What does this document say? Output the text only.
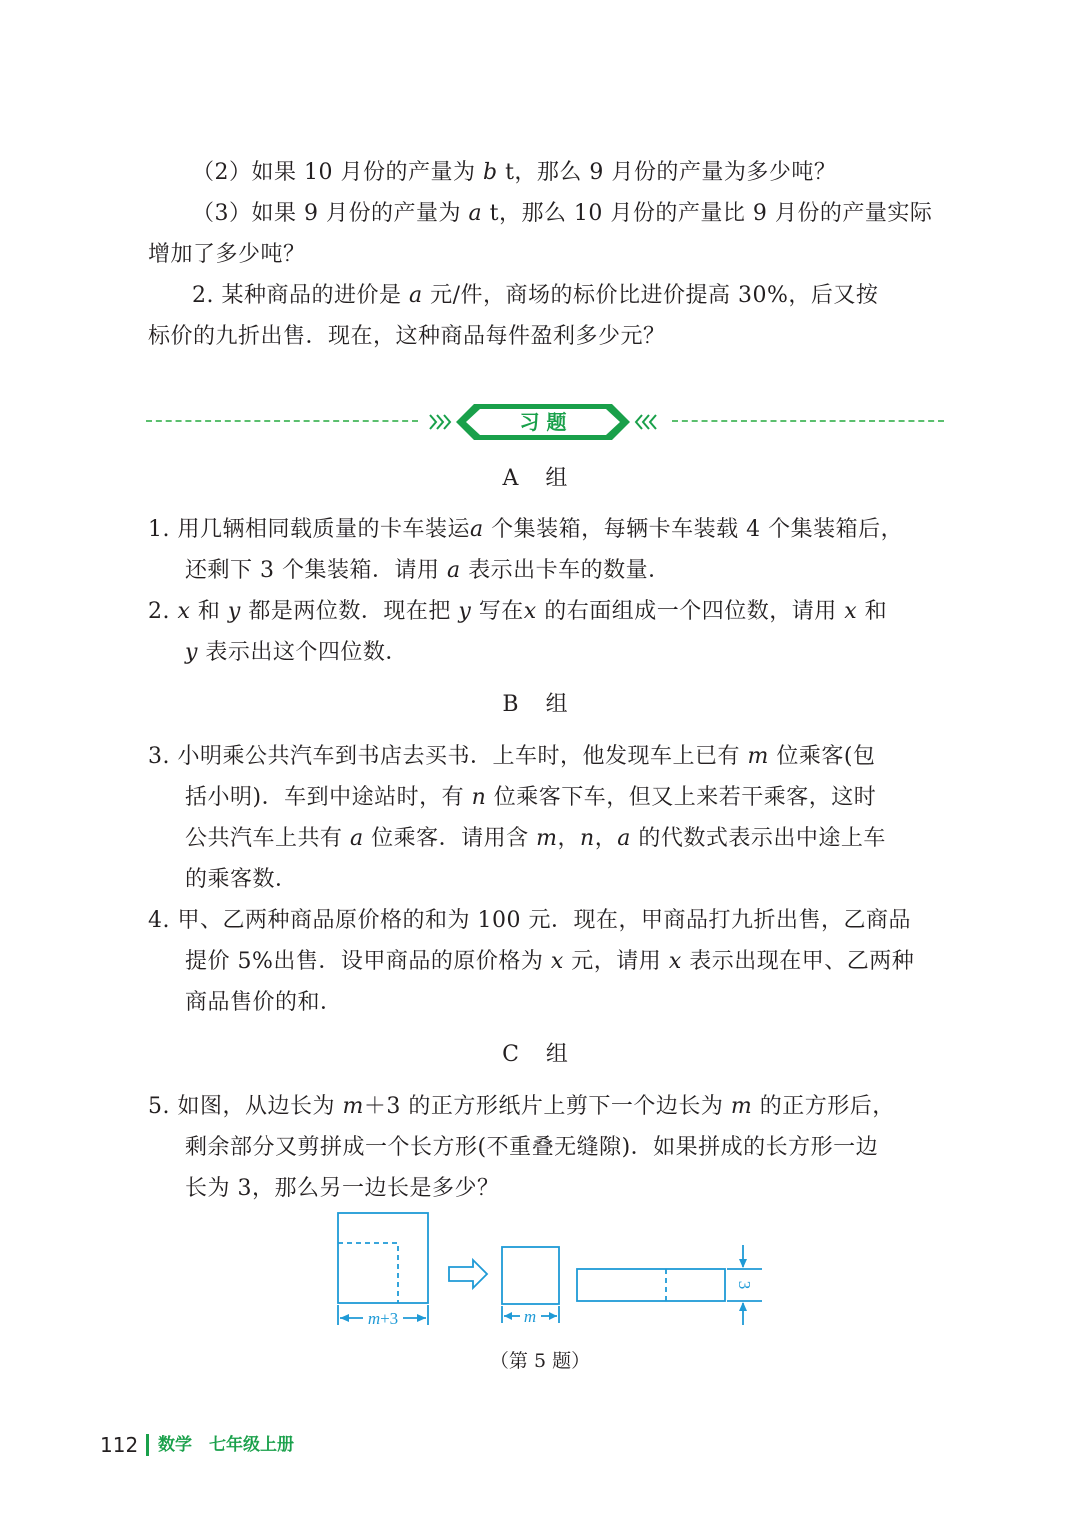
（2）如果 10 月份的产量为 b t，那么 9 月份的产量为多少吨？
（3）如果 9 月份的产量为 a t，那么 10 月份的产量比 9 月份的产量实际
增加了多少吨？
2. 某种商品的进价是 a 元/件，商场的标价比进价提高 30%，后又按
标价的九折出售．现在，这种商品每件盈利多少元？
习 题
A 组
1. 用几辆相同载质量的卡车装运a 个集装箱，每辆卡车装载 4 个集装箱后，
还剩下 3 个集装箱．请用 a 表示出卡车的数量．
2. x 和 y 都是两位数．现在把 y 写在x 的右面组成一个四位数，请用 x 和
y 表示出这个四位数．
B 组
3. 小明乘公共汽车到书店去买书．上车时，他发现车上已有 m 位乘客(包
括小明)．车到中途站时，有 n 位乘客下车，但又上来若干乘客，这时
公共汽车上共有 a 位乘客．请用含 m，n，a 的代数式表示出中途上车
的乘客数．
4. 甲、乙两种商品原价格的和为 100 元．现在，甲商品打九折出售，乙商品
提价 5%出售．设甲商品的原价格为 x 元，请用 x 表示出现在甲、乙两种
商品售价的和．
C 组
5. 如图，从边长为 m＋3 的正方形纸片上剪下一个边长为 m 的正方形后，
剩余部分又剪拼成一个长方形(不重叠无缝隙)．如果拼成的长方形一边
长为 3，那么另一边长是多少？
m+3	m
3
（第 5 题）
112 数学　七年级上册
